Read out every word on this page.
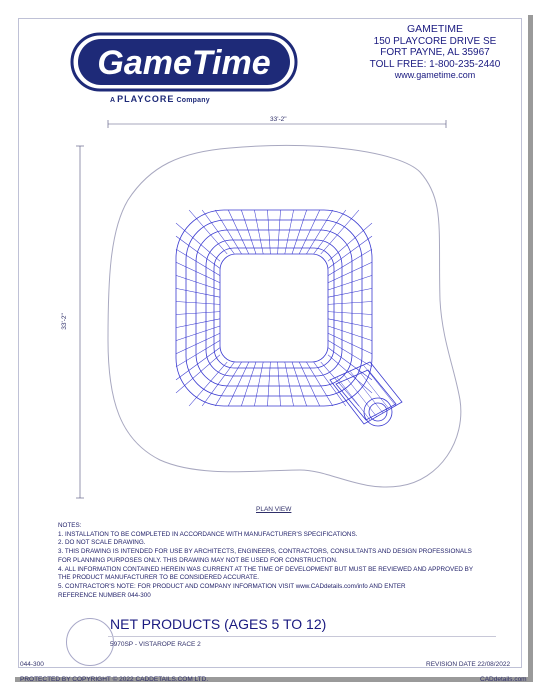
GameTime
A PLAYCORE Company
GAMETIME
150 PLAYCORE DRIVE SE
FORT PAYNE, AL 35967
TOLL FREE: 1-800-235-2440
www.gametime.com
33'-2"
33'-2"
PLAN VIEW
NOTES:
1. INSTALLATION TO BE COMPLETED IN ACCORDANCE WITH MANUFACTURER'S SPECIFICATIONS.
2. DO NOT SCALE DRAWING.
3. THIS DRAWING IS INTENDED FOR USE BY ARCHITECTS, ENGINEERS, CONTRACTORS, CONSULTANTS AND DESIGN PROFESSIONALS
FOR PLANNING PURPOSES ONLY. THIS DRAWING MAY NOT BE USED FOR CONSTRUCTION.
4. ALL INFORMATION CONTAINED HEREIN WAS CURRENT AT THE TIME OF DEVELOPMENT BUT MUST BE REVIEWED AND APPROVED BY
THE PRODUCT MANUFACTURER TO BE CONSIDERED ACCURATE.
5. CONTRACTOR'S NOTE: FOR PRODUCT AND COMPANY INFORMATION VISIT www.CADdetails.com/info AND ENTER
REFERENCE NUMBER 044-300
NET PRODUCTS (AGES 5 TO 12)
5970SP - VISTAROPE RACE 2
044-300	REVISION DATE 22/08/2022
PROTECTED BY COPYRIGHT © 2022 CADDETAILS.COM LTD.	CADdetails.com
